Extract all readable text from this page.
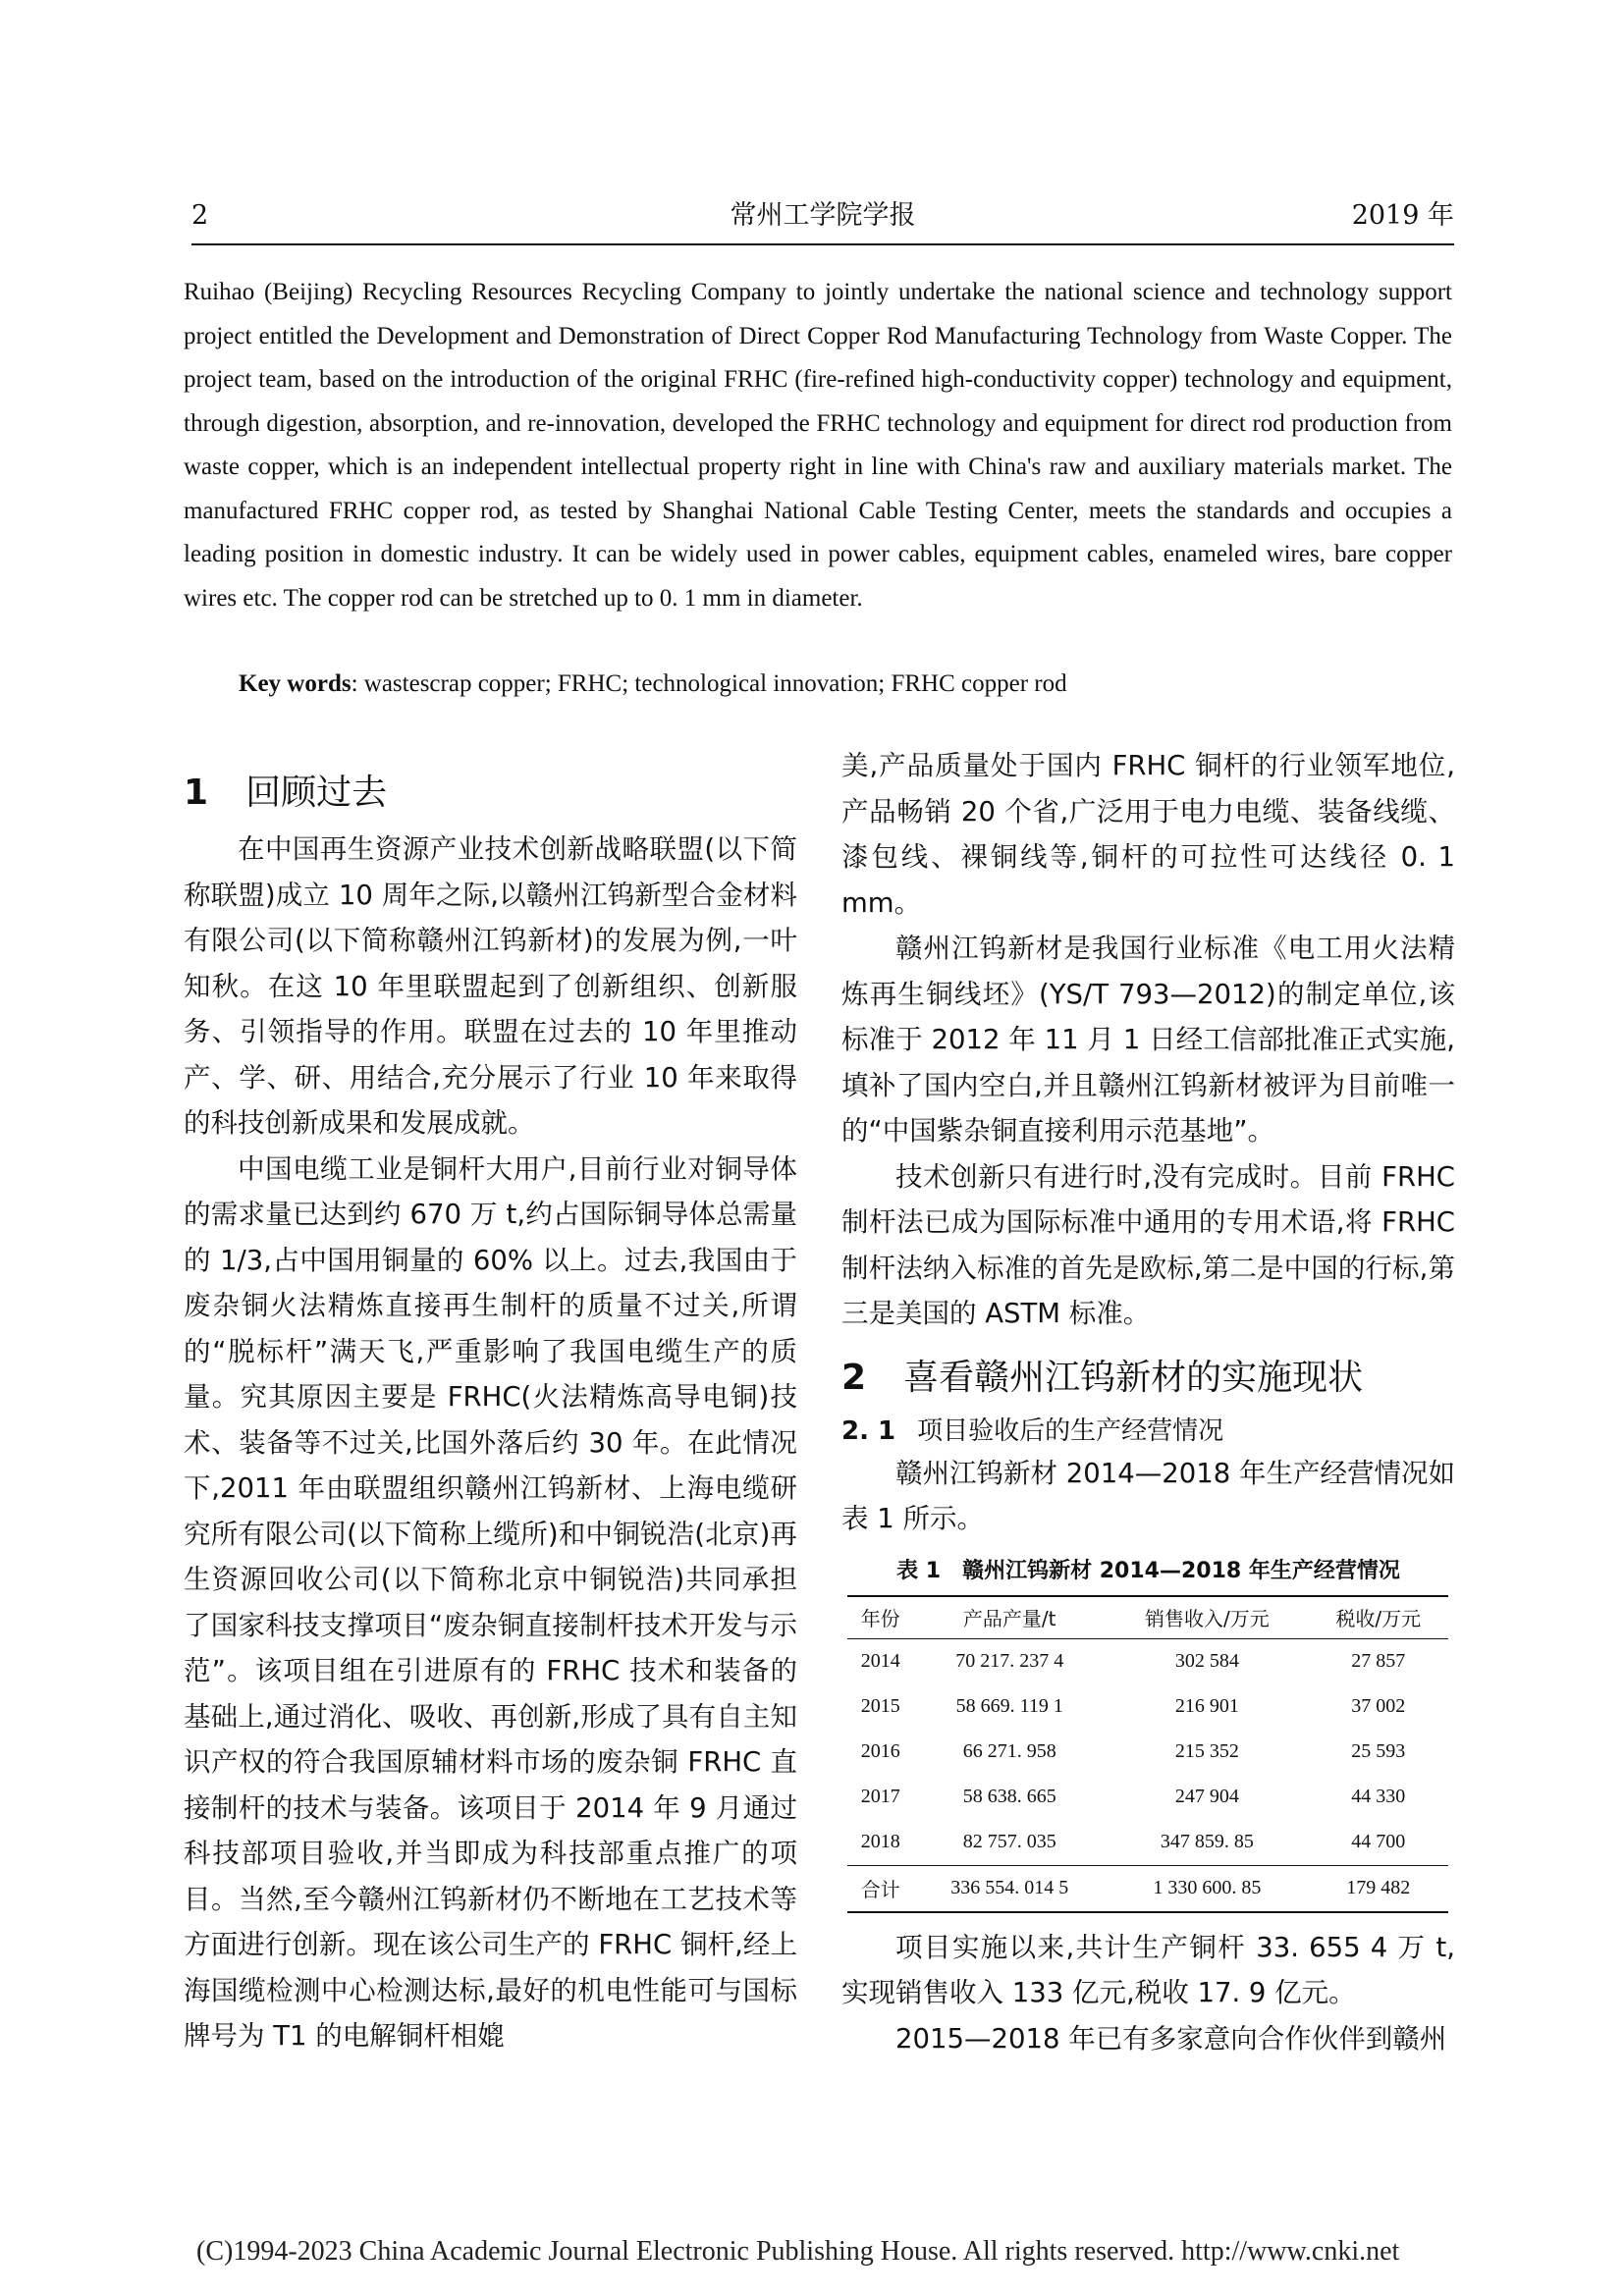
2	常州工学院学报	2019 年

Ruihao (Beijing) Recycling Resources Recycling Company to jointly undertake the national science and technology support project entitled the Development and Demonstration of Direct Copper Rod Manufacturing Technology from Waste Copper. The project team, based on the introduction of the original FRHC (fire-refined high-conductivity copper) technology and equipment, through digestion, absorption, and re-innovation, developed the FRHC technology and equipment for direct rod production from waste copper, which is an independent intellectual property right in line with China's raw and auxiliary materials market. The manufactured FRHC copper rod, as tested by Shanghai National Cable Testing Center, meets the standards and occupies a leading position in domestic industry. It can be widely used in power cables, equipment cables, enameled wires, bare copper wires etc. The copper rod can be stretched up to 0. 1 mm in diameter.

Key words: wastescrap copper; FRHC; technological innovation; FRHC copper rod

1 回顾过去

在中国再生资源产业技术创新战略联盟(以下简称联盟)成立 10 周年之际,以赣州江钨新型合金材料有限公司(以下简称赣州江钨新材)的发展为例,一叶知秋。在这 10 年里联盟起到了创新组织、创新服务、引领指导的作用。联盟在过去的 10 年里推动产、学、研、用结合,充分展示了行业 10 年来取得的科技创新成果和发展成就。

中国电缆工业是铜杆大用户,目前行业对铜导体的需求量已达到约 670 万 t,约占国际铜导体总需量的 1/3,占中国用铜量的 60% 以上。过去,我国由于废杂铜火法精炼直接再生制杆的质量不过关,所谓的“脱标杆”满天飞,严重影响了我国电缆生产的质量。究其原因主要是 FRHC(火法精炼高导电铜)技术、装备等不过关,比国外落后约 30 年。在此情况下,2011 年由联盟组织赣州江钨新材、上海电缆研究所有限公司(以下简称上缆所)和中铜锐浩(北京)再生资源回收公司(以下简称北京中铜锐浩)共同承担了国家科技支撑项目“废杂铜直接制杆技术开发与示范”。该项目组在引进原有的 FRHC 技术和装备的基础上,通过消化、吸收、再创新,形成了具有自主知识产权的符合我国原辅材料市场的废杂铜 FRHC 直接制杆的技术与装备。该项目于 2014 年 9 月通过科技部项目验收,并当即成为科技部重点推广的项目。当然,至今赣州江钨新材仍不断地在工艺技术等方面进行创新。现在该公司生产的 FRHC 铜杆,经上海国缆检测中心检测达标,最好的机电性能可与国标牌号为 T1 的电解铜杆相媲

美,产品质量处于国内 FRHC 铜杆的行业领军地位,产品畅销 20 个省,广泛用于电力电缆、装备线缆、漆包线、裸铜线等,铜杆的可拉性可达线径 0. 1 mm。

赣州江钨新材是我国行业标准《电工用火法精炼再生铜线坯》(YS/T 793—2012)的制定单位,该标准于 2012 年 11 月 1 日经工信部批准正式实施,填补了国内空白,并且赣州江钨新材被评为目前唯一的“中国紫杂铜直接利用示范基地”。

技术创新只有进行时,没有完成时。目前 FRHC 制杆法已成为国际标准中通用的专用术语,将 FRHC 制杆法纳入标准的首先是欧标,第二是中国的行标,第三是美国的 ASTM 标准。

2 喜看赣州江钨新材的实施现状
2. 1 项目验收后的生产经营情况

赣州江钨新材 2014—2018 年生产经营情况如表 1 所示。

表 1　赣州江钨新材 2014—2018 年生产经营情况
年份	产品产量/t	销售收入/万元	税收/万元
2014	70 217. 237 4	302 584	27 857
2015	58 669. 119 1	216 901	37 002
2016	66 271. 958	215 352	25 593
2017	58 638. 665	247 904	44 330
2018	82 757. 035	347 859. 85	44 700
合计	336 554. 014 5	1 330 600. 85	179 482

项目实施以来,共计生产铜杆 33. 655 4 万 t,实现销售收入 133 亿元,税收 17. 9 亿元。

2015—2018 年已有多家意向合作伙伴到赣州

(C)1994-2023 China Academic Journal Electronic Publishing House. All rights reserved. http://www.cnki.net
